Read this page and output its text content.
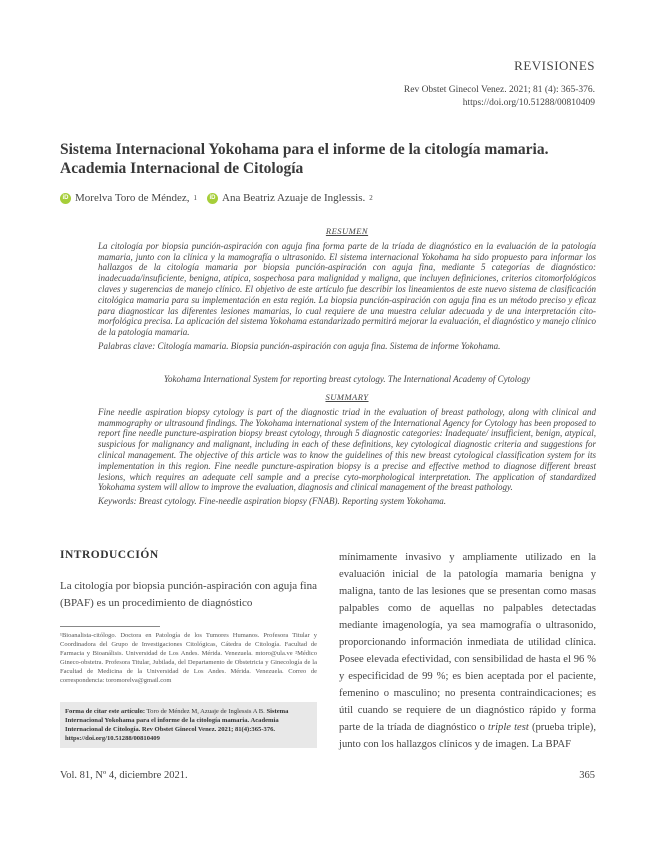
REVISIONES
Rev Obstet Ginecol Venez. 2021; 81 (4): 365-376.
https://doi.org/10.51288/00810409
Sistema Internacional Yokohama para el informe de la citología mamaria. Academia Internacional de Citología
iD Morelva Toro de Méndez, 1	iD Ana Beatriz Azuaje de Inglessis. 2
RESUMEN
La citología por biopsia punción-aspiración con aguja fina forma parte de la tríada de diagnóstico en la evaluación de la patología mamaria, junto con la clínica y la mamografía o ultrasonido. El sistema internacional Yokohama ha sido propuesto para informar los hallazgos de la citología mamaria por biopsia punción-aspiración con aguja fina, mediante 5 categorías de diagnóstico: inadecuada/insuficiente, benigna, atípica, sospechosa para malignidad y maligna, que incluyen definiciones, criterios citomorfológicos claves y sugerencias de manejo clínico. El objetivo de este artículo fue describir los lineamientos de este nuevo sistema de clasificación citológica mamaria para su implementación en esta región. La biopsia punción-aspiración con aguja fina es un método preciso y eficaz para diagnosticar las diferentes lesiones mamarias, lo cual requiere de una muestra celular adecuada y de una interpretación cito-morfológica precisa. La aplicación del sistema Yokohama estandarizado permitirá mejorar la evaluación, el diagnóstico y manejo clínico de la patología mamaria.
Palabras clave: Citología mamaria. Biopsia punción-aspiración con aguja fina. Sistema de informe Yokohama.
Yokohama International System for reporting breast cytology. The International Academy of Cytology
SUMMARY
Fine needle aspiration biopsy cytology is part of the diagnostic triad in the evaluation of breast pathology, along with clinical and mammography or ultrasound findings. The Yokohama international system of the International Agency for Cytology has been proposed to report fine needle puncture-aspiration biopsy breast cytology, through 5 diagnostic categories: Inadequate/ insufficient, benign, atypical, suspicious for malignancy and malignant, including in each of these definitions, key cytological diagnostic criteria and suggestions for clinical management. The objective of this article was to know the guidelines of this new breast cytological classification system for its implementation in this region. Fine needle puncture-aspiration biopsy is a precise and effective method to diagnose different breast lesions, which requires an adequate cell sample and a precise cyto-morphological interpretation. The application of standardized Yokohama system will allow to improve the evaluation, diagnosis and clinical management of the breast pathology.
Keywords: Breast cytology. Fine-needle aspiration biopsy (FNAB). Reporting system Yokohama.
INTRODUCCIÓN
La citología por biopsia punción-aspiración con aguja fina (BPAF) es un procedimiento de diagnóstico
¹Bioanalista-citólogo. Doctora en Patología de los Tumores Humanos. Profesora Titular y Coordinadora del Grupo de Investigaciones Citológicas, Cátedra de Citología. Facultad de Farmacia y Bioanálisis. Universidad de Los Andes. Mérida. Venezuela. mtoro@ula.ve ²Médico Gineco-obstetra. Profesora Titular, Jubilada, del Departamento de Obstetricia y Ginecología de la Facultad de Medicina de la Universidad de Los Andes. Mérida. Venezuela. Correo de correspondencia: toromorelva@gmail.com
Forma de citar este artículo: Toro de Méndez M, Azuaje de Inglessis A B. Sistema Internacional Yokohama para el informe de la citología mamaria. Academia Internacional de Citología. Rev Obstet Ginecol Venez. 2021; 81(4):365-376. https://doi.org/10.51288/00810409
mínimamente invasivo y ampliamente utilizado en la evaluación inicial de la patología mamaria benigna y maligna, tanto de las lesiones que se presentan como masas palpables como de aquellas no palpables detectadas mediante imagenología, ya sea mamografía o ultrasonido, proporcionando información inmediata de utilidad clínica. Posee elevada efectividad, con sensibilidad de hasta el 96 % y especificidad de 99 %; es bien aceptada por el paciente, femenino o masculino; no presenta contraindicaciones; es útil cuando se requiere de un diagnóstico rápido y forma parte de la tríada de diagnóstico o triple test (prueba triple), junto con los hallazgos clínicos y de imagen. La BPAF
Vol. 81, Nº 4, diciembre 2021.	365
